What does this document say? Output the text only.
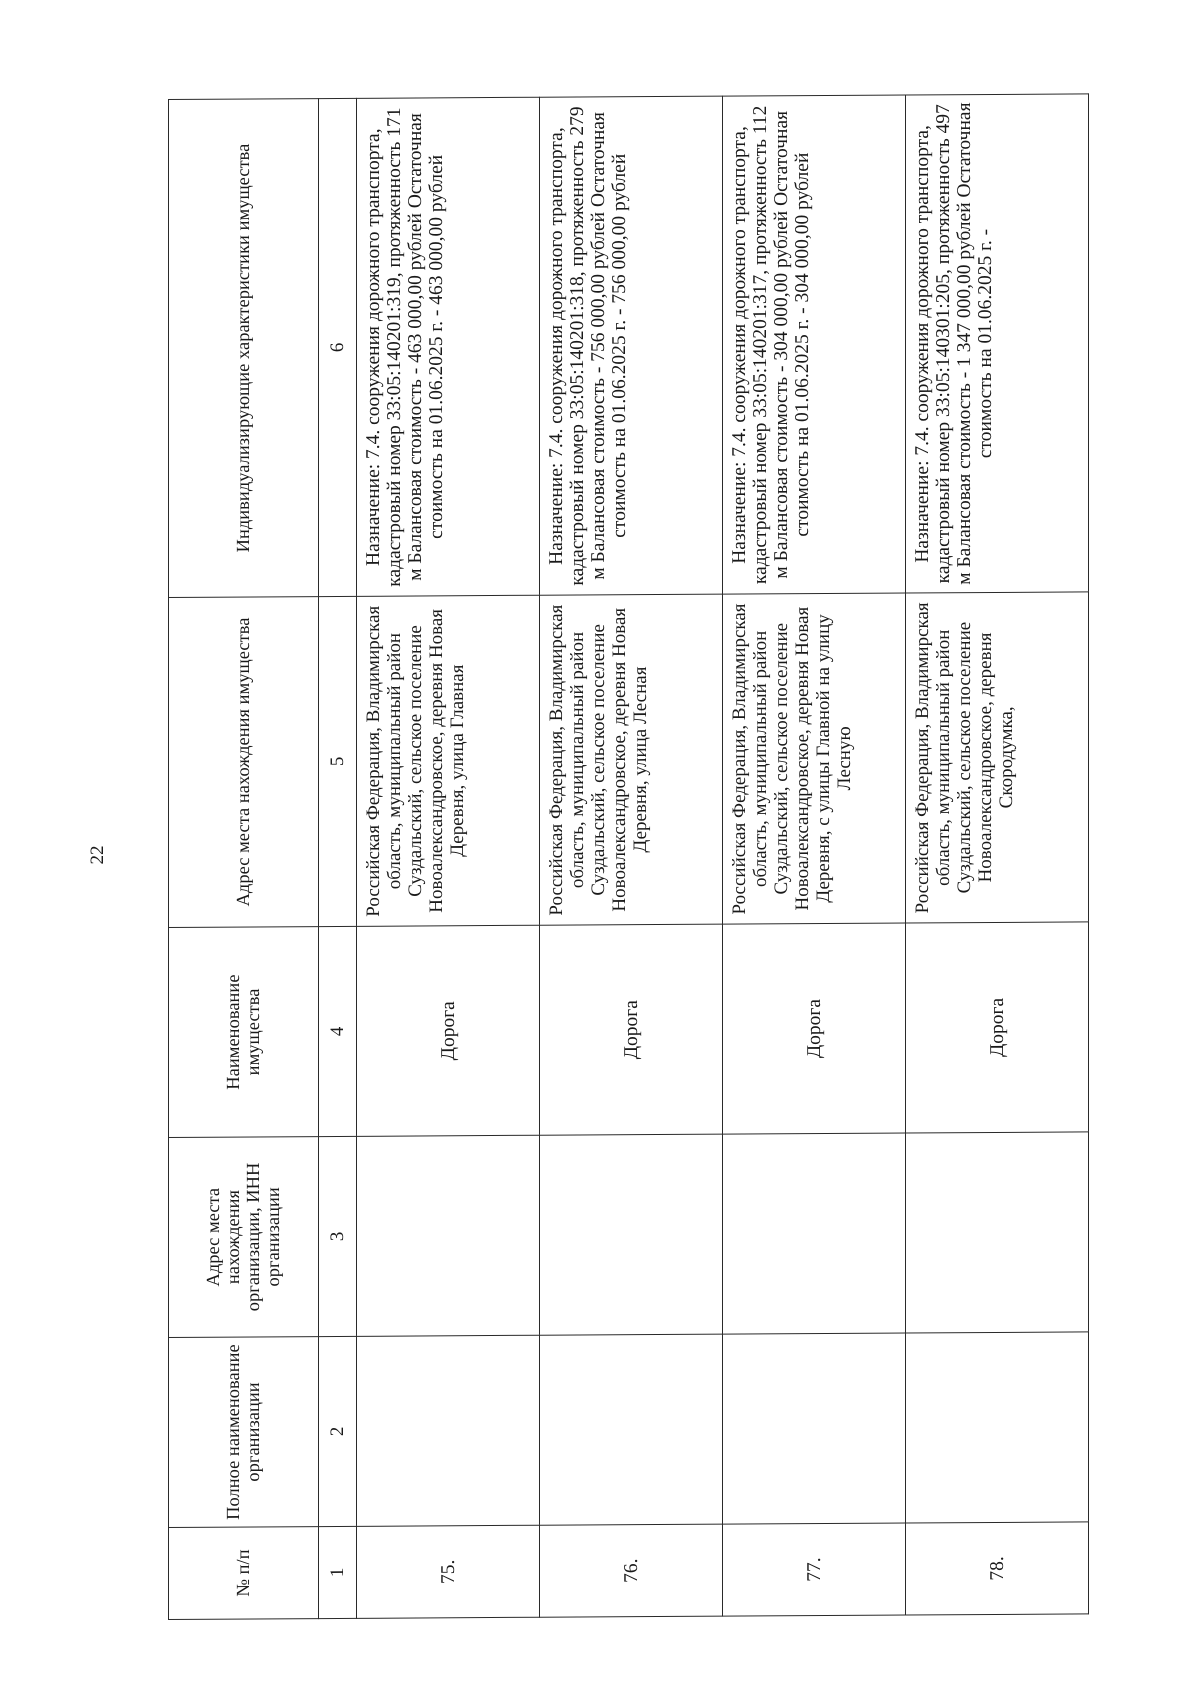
22
№ п/п	Полное наименование организации	Адрес места нахождения организации, ИНН организации	Наименование имущества	Адрес места нахождения имущества	Индивидуализирующие характеристики имущества
1	2	3	4	5	6
75.			Дорога	Российская Федерация, Владимирская область, муниципальный район Суздальский, сельское поселение Новоалександровское, деревня Новая Деревня, улица Главная	Назначение: 7.4. сооружения дорожного транспорта, кадастровый номер 33:05:140201:319, протяженность 171 м Балансовая стоимость - 463 000,00 рублей Остаточная стоимость на 01.06.2025 г. - 463 000,00 рублей
76.			Дорога	Российская Федерация, Владимирская область, муниципальный район Суздальский, сельское поселение Новоалександровское, деревня Новая Деревня, улица Лесная	Назначение: 7.4. сооружения дорожного транспорта, кадастровый номер 33:05:140201:318, протяженность 279 м Балансовая стоимость - 756 000,00 рублей Остаточная стоимость на 01.06.2025 г. - 756 000,00 рублей
77.			Дорога	Российская Федерация, Владимирская область, муниципальный район Суздальский, сельское поселение Новоалександровское, деревня Новая Деревня, с улицы Главной на улицу Лесную	Назначение: 7.4. сооружения дорожного транспорта, кадастровый номер 33:05:140201:317, протяженность 112 м Балансовая стоимость - 304 000,00 рублей Остаточная стоимость на 01.06.2025 г. - 304 000,00 рублей
78.			Дорога	Российская Федерация, Владимирская область, муниципальный район Суздальский, сельское поселение Новоалександровское, деревня Скородумка,	Назначение: 7.4. сооружения дорожного транспорта, кадастровый номер 33:05:140301:205, протяженность 497 м Балансовая стоимость - 1 347 000,00 рублей Остаточная стоимость на 01.06.2025 г. -
